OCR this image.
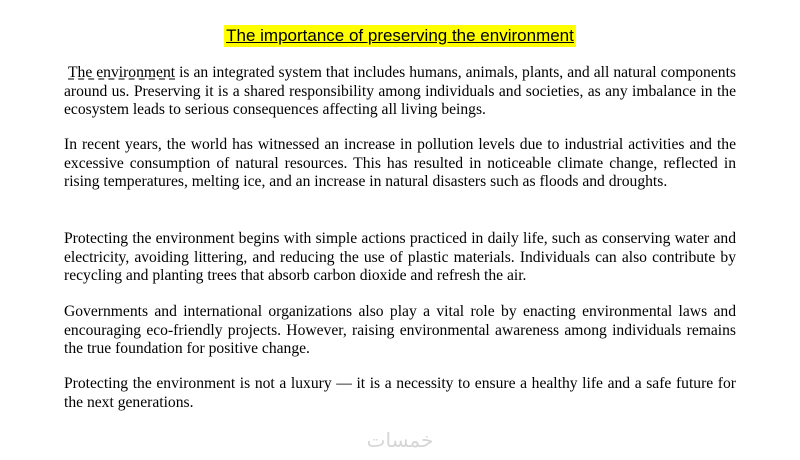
The importance of preserving the environment

The environment is an integrated system that includes humans, animals, plants, and all natural components around us. Preserving it is a shared responsibility among individuals and societies, as any imbalance in the ecosystem leads to serious consequences affecting all living beings.

In recent years, the world has witnessed an increase in pollution levels due to industrial activities and the excessive consumption of natural resources. This has resulted in noticeable climate change, reflected in rising temperatures, melting ice, and an increase in natural disasters such as floods and droughts.

Protecting the environment begins with simple actions practiced in daily life, such as conserving water and electricity, avoiding littering, and reducing the use of plastic materials. Individuals can also contribute by recycling and planting trees that absorb carbon dioxide and refresh the air.

Governments and international organizations also play a vital role by enacting environmental laws and encouraging eco-friendly projects. However, raising environmental awareness among individuals remains the true foundation for positive change.

Protecting the environment is not a luxury — it is a necessity to ensure a healthy life and a safe future for the next generations.

خمسات
